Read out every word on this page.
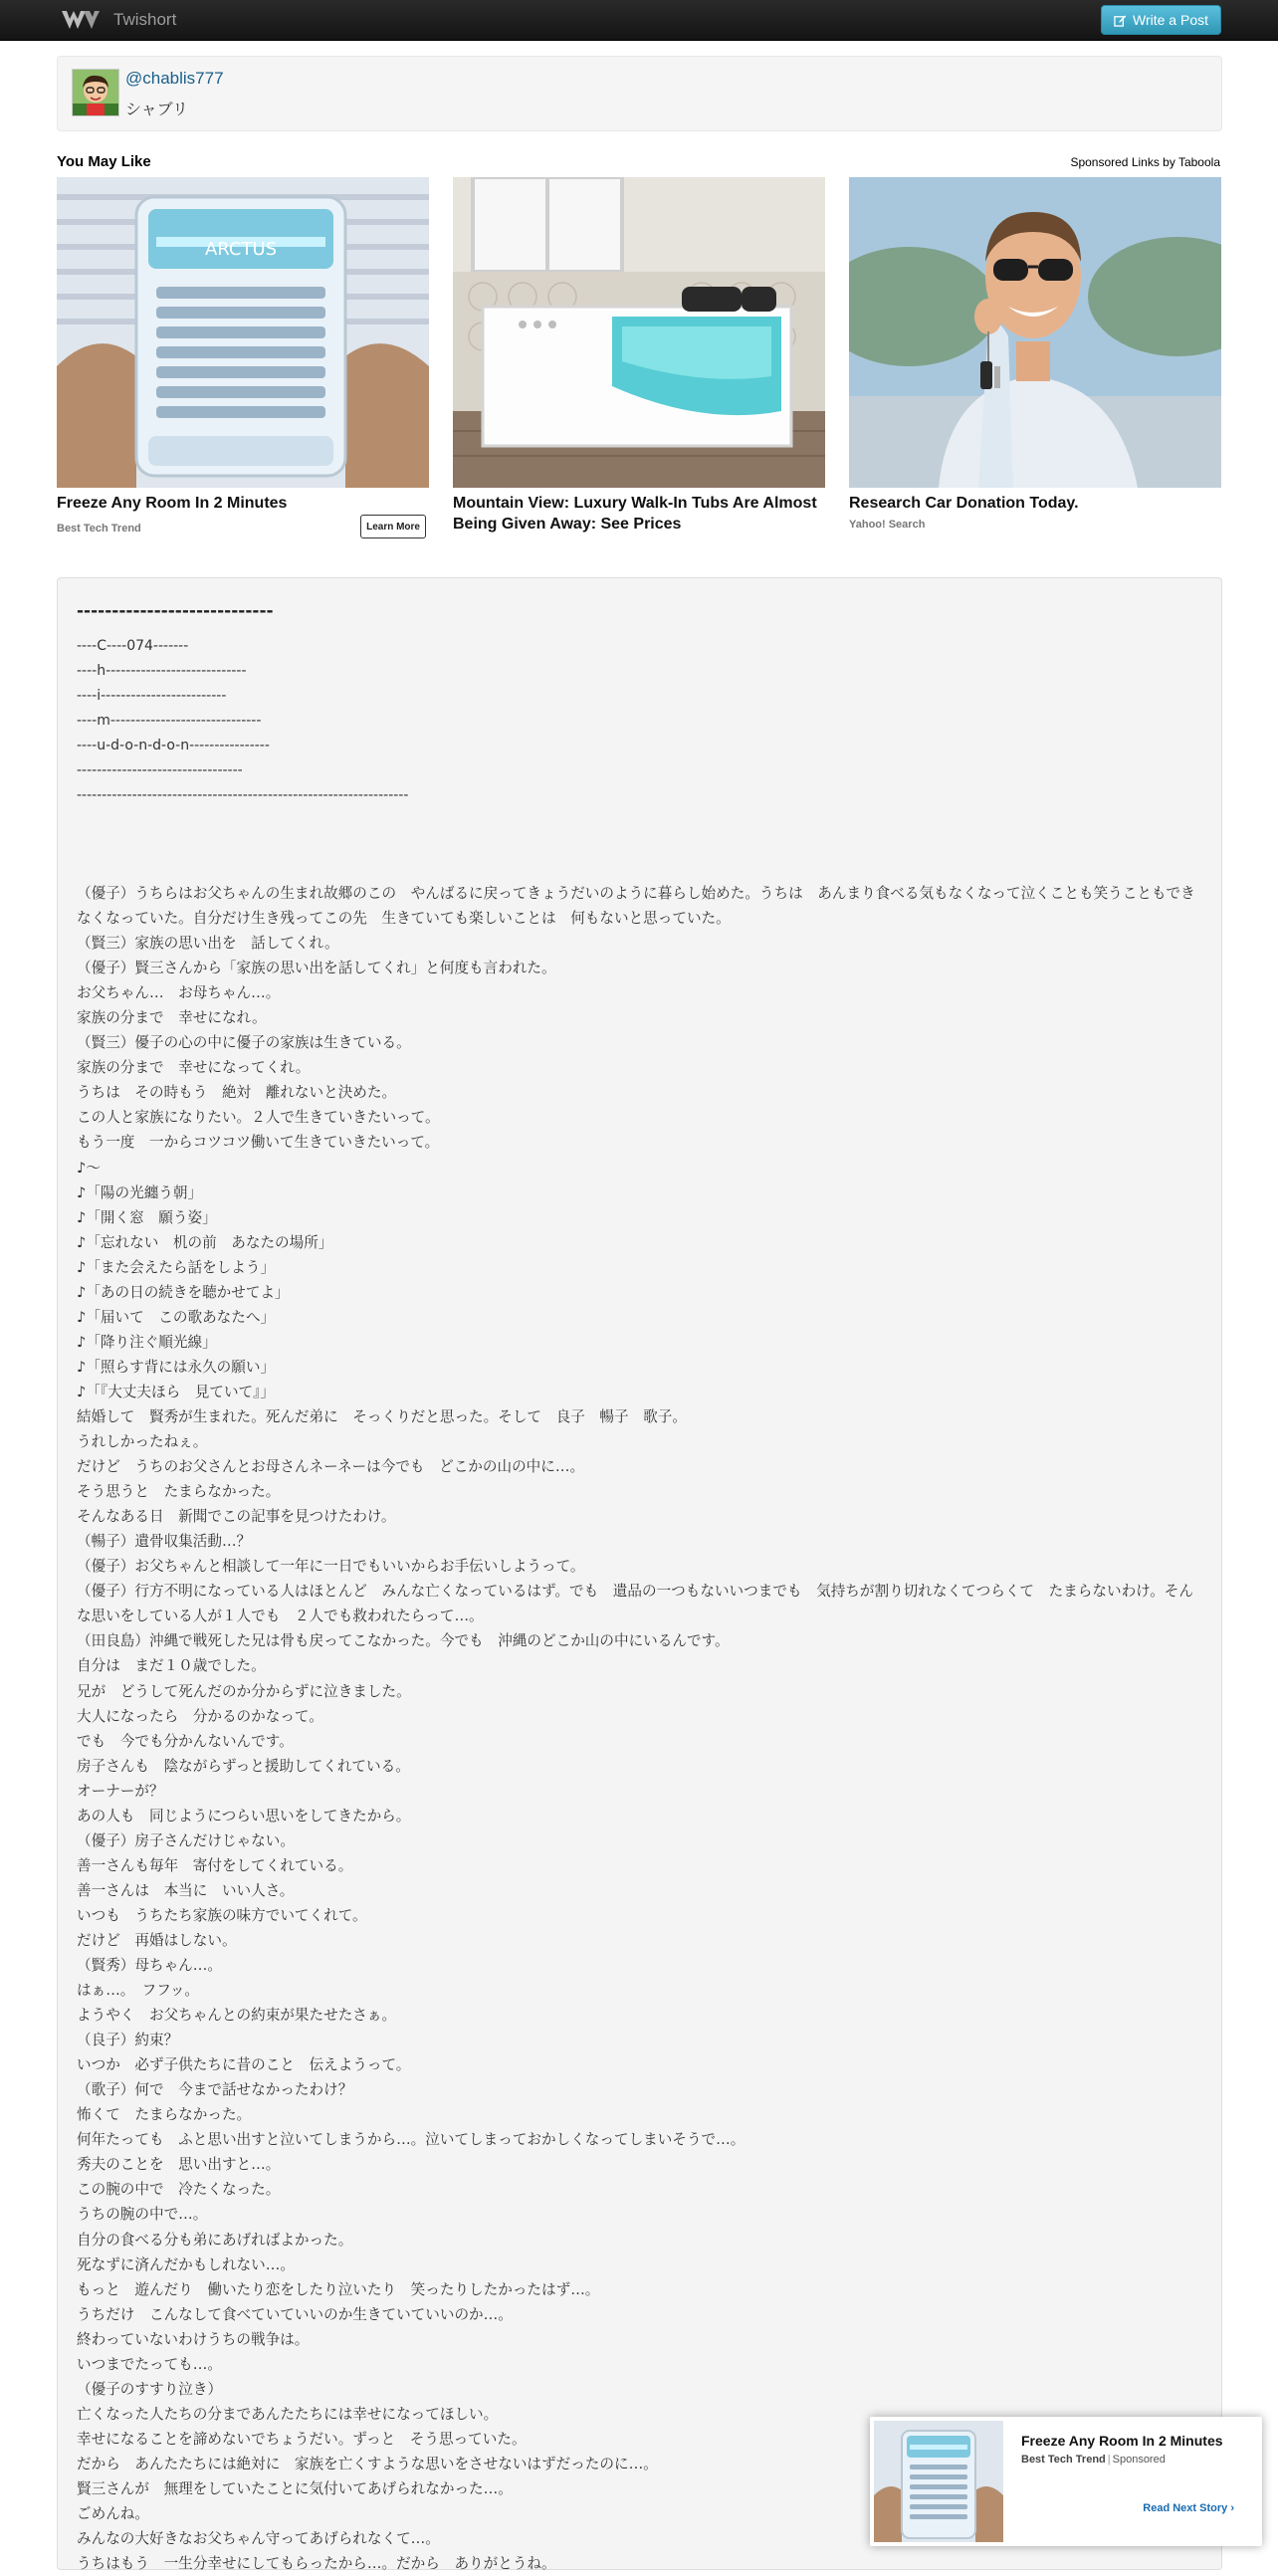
Twishort	Write a Post
@chablis777
シャブリ
You May Like	Sponsored Links by Taboola
ARCTUS
Freeze Any Room In 2 Minutes
Best Tech Trend	Learn More
Mountain View: Luxury Walk-In Tubs Are Almost Being Given Away: See Prices
Research Car Donation Today.
Yahoo! Search
----------------------------
----C----074-------
----h----------------------------
----i-------------------------
----m------------------------------
----u-d-o-n-d-o-n----------------
---------------------------------
------------------------------------------------------------------

（優子）うちらはお父ちゃんの生まれ故郷のこの　やんばるに戻ってきょうだいのように暮らし始めた。うちは　あんまり食べる気もなくなって泣くことも笑うこともできなくなっていた。自分だけ生き残ってこの先　生きていても楽しいことは　何もないと思っていた。

（賢三）家族の思い出を　話してくれ。

（優子）賢三さんから「家族の思い出を話してくれ」と何度も言われた。

お父ちゃん…　お母ちゃん…。

家族の分まで　幸せになれ。

（賢三）優子の心の中に優子の家族は生きている。

家族の分まで　幸せになってくれ。

うちは　その時もう　絶対　離れないと決めた。

この人と家族になりたい。２人で生きていきたいって。

もう一度　一からコツコツ働いて生きていきたいって。

♪～

♪「陽の光纏う朝」

♪「開く窓　願う姿」

♪「忘れない　机の前　あなたの場所」

♪「また会えたら話をしよう」

♪「あの日の続きを聴かせてよ」

♪「届いて　この歌あなたへ」

♪「降り注ぐ順光線」

♪「照らす背には永久の願い」

♪「『大丈夫ほら　見ていて』」

結婚して　賢秀が生まれた。死んだ弟に　そっくりだと思った。そして　良子　暢子　歌子。

うれしかったねぇ。

だけど　うちのお父さんとお母さんネーネーは今でも　どこかの山の中に…。

そう思うと　たまらなかった。

そんなある日　新聞でこの記事を見つけたわけ。

（暢子）遺骨収集活動…？

（優子）お父ちゃんと相談して一年に一日でもいいからお手伝いしようって。

（優子）行方不明になっている人はほとんど　みんな亡くなっているはず。でも　遺品の一つもないいつまでも　気持ちが割り切れなくてつらくて　たまらないわけ。そんな思いをしている人が１人でも　２人でも救われたらって…。

（田良島）沖縄で戦死した兄は骨も戻ってこなかった。今でも　沖縄のどこか山の中にいるんです。

自分は　まだ１０歳でした。

兄が　どうして死んだのか分からずに泣きました。

大人になったら　分かるのかなって。

でも　今でも分かんないんです。

房子さんも　陰ながらずっと援助してくれている。

オーナーが？

あの人も　同じようにつらい思いをしてきたから。

（優子）房子さんだけじゃない。

善一さんも毎年　寄付をしてくれている。

善一さんは　本当に　いい人さ。

いつも　うちたち家族の味方でいてくれて。

だけど　再婚はしない。

（賢秀）母ちゃん…。

はぁ…。　フフッ。

ようやく　お父ちゃんとの約束が果たせたさぁ。

（良子）約束？

いつか　必ず子供たちに昔のこと　伝えようって。

（歌子）何で　今まで話せなかったわけ？

怖くて　たまらなかった。

何年たっても　ふと思い出すと泣いてしまうから…。泣いてしまっておかしくなってしまいそうで…。

秀夫のことを　思い出すと…。

この腕の中で　冷たくなった。

うちの腕の中で…。

自分の食べる分も弟にあげればよかった。

死なずに済んだかもしれない…。

もっと　遊んだり　働いたり恋をしたり泣いたり　笑ったりしたかったはず…。

うちだけ　こんなして食べていていいのか生きていていいのか…。

終わっていないわけうちの戦争は。

いつまでたっても…。

（優子のすすり泣き）

亡くなった人たちの分まであんたたちには幸せになってほしい。

幸せになることを諦めないでちょうだい。ずっと　そう思っていた。

だから　あんたたちには絶対に　家族を亡くすような思いをさせないはずだったのに…。

賢三さんが　無理をしていたことに気付いてあげられなかった…。

ごめんね。

みんなの大好きなお父ちゃん守ってあげられなくて…。

うちはもう　一生分幸せにしてもらったから…。だから　ありがとうね。

Freeze Any Room In 2 Minutes
Best Tech Trend | Sponsored
Read Next Story ›
